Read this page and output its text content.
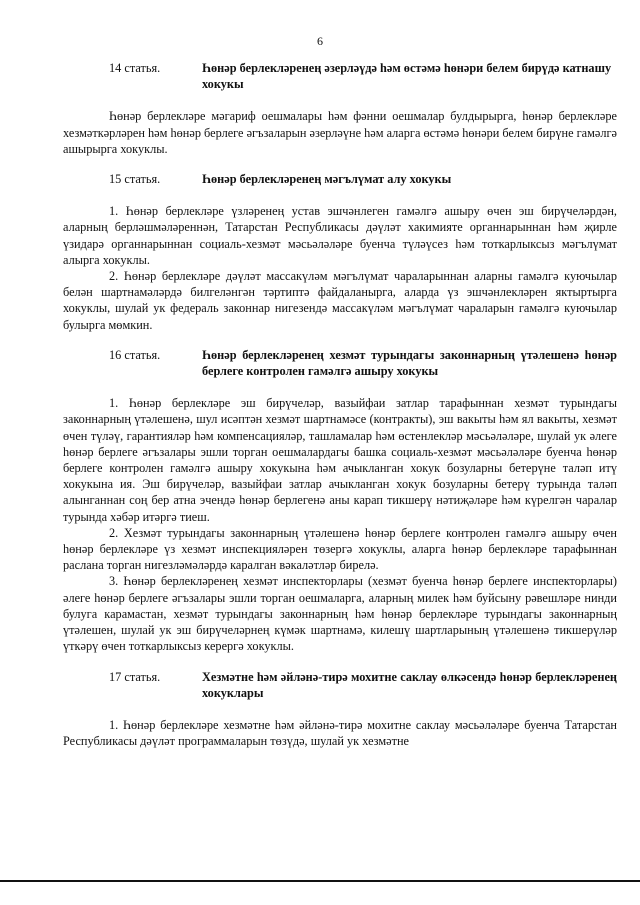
6
14 статья.	Һөнәр берлекләренең әзерләүдә һәм өстәмә һөнәри белем бирүдә катнашу хокукы

Һөнәр берлекләре мәгариф оешмалары һәм фәнни оешмалар булдырырга, һөнәр берлекләре хезмәткәрләрен һәм һөнәр берлеге әгъзаларын әзерләүне һәм аларга өстәмә һөнәри белем бирүне гамәлгә ашырырга хокуклы.

15 статья.	Һөнәр берлекләренең мәгълүмат алу хокукы

1. Һөнәр берлекләре үзләренең устав эшчәнлеген гамәлгә ашыру өчен эш бирүчеләрдән, аларның берләшмәләреннән, Татарстан Республикасы дәүләт хакимияте органнарыннан һәм җирле үзидарә органнарыннан социаль-хезмәт мәсьәләләре буенча түләүсез һәм тоткарлыксыз мәгълүмат алырга хокуклы.

2. Һөнәр берлекләре дәүләт массакүләм мәгълүмат чараларыннан аларны гамәлгә куючылар белән шартнамәләрдә билгеләнгән тәртиптә файдаланырга, аларда үз эшчәнлекләрен яктыртырга хокуклы, шулай ук федераль законнар нигезендә массакүләм мәгълүмат чараларын гамәлгә куючылар булырга мөмкин.

16 статья.	Һөнәр берлекләренең хезмәт турындагы законнарның үтәлешенә һөнәр берлеге контролен гамәлгә ашыру хокукы

1. Һөнәр берлекләре эш бирүчеләр, вазыйфаи затлар тарафыннан хезмәт турындагы законнарның үтәлешенә, шул исәптән хезмәт шартнамәсе (контракты), эш вакыты һәм ял вакыты, хезмәт өчен түләү, гарантияләр һәм компенсацияләр, ташламалар һәм өстенлекләр мәсьәләләре, шулай ук әлеге һөнәр берлеге әгъзалары эшли торган оешмалардагы башка социаль-хезмәт мәсьәләләре буенча һөнәр берлеге контролен гамәлгә ашыру хокукына һәм ачыкланган хокук бозуларны бетерүне таләп итү хокукына ия. Эш бирүчеләр, вазыйфаи затлар ачыкланган хокук бозуларны бетерү турында таләп алынганнан соң бер атна эчендә һөнәр берлегенә аны карап тикшерү нәтиҗәләре һәм күрелгән чаралар турында хәбәр итәргә тиеш.

2. Хезмәт турындагы законнарның үтәлешенә һөнәр берлеге контролен гамәлгә ашыру өчен һөнәр берлекләре үз хезмәт инспекцияләрен төзергә хокуклы, аларга һөнәр берлекләре тарафыннан раслана торган нигезләмәләрдә каралган вәкаләтләр бирелә.

3. Һөнәр берлекләренең хезмәт инспекторлары (хезмәт буенча һөнәр берлеге инспекторлары) әлеге һөнәр берлеге әгъзалары эшли торган оешмаларга, аларның милек һәм буйсыну рәвешләре нинди булуга карамастан, хезмәт турындагы законнарның һәм һөнәр берлекләре турындагы законнарның үтәлешен, шулай ук эш бирүчеләрнең күмәк шартнамә, килешү шартларының үтәлешенә тикшерүләр үткәрү өчен тоткарлыксыз керергә хокуклы.

17 статья.	Хезмәтне һәм әйләнә-тирә мохитне саклау өлкәсендә һөнәр берлекләренең хокуклары

1. Һөнәр берлекләре хезмәтне һәм әйләнә-тирә мохитне саклау мәсьәләләре буенча Татарстан Республикасы дәүләт программаларын төзүдә, шулай ук хезмәтне
